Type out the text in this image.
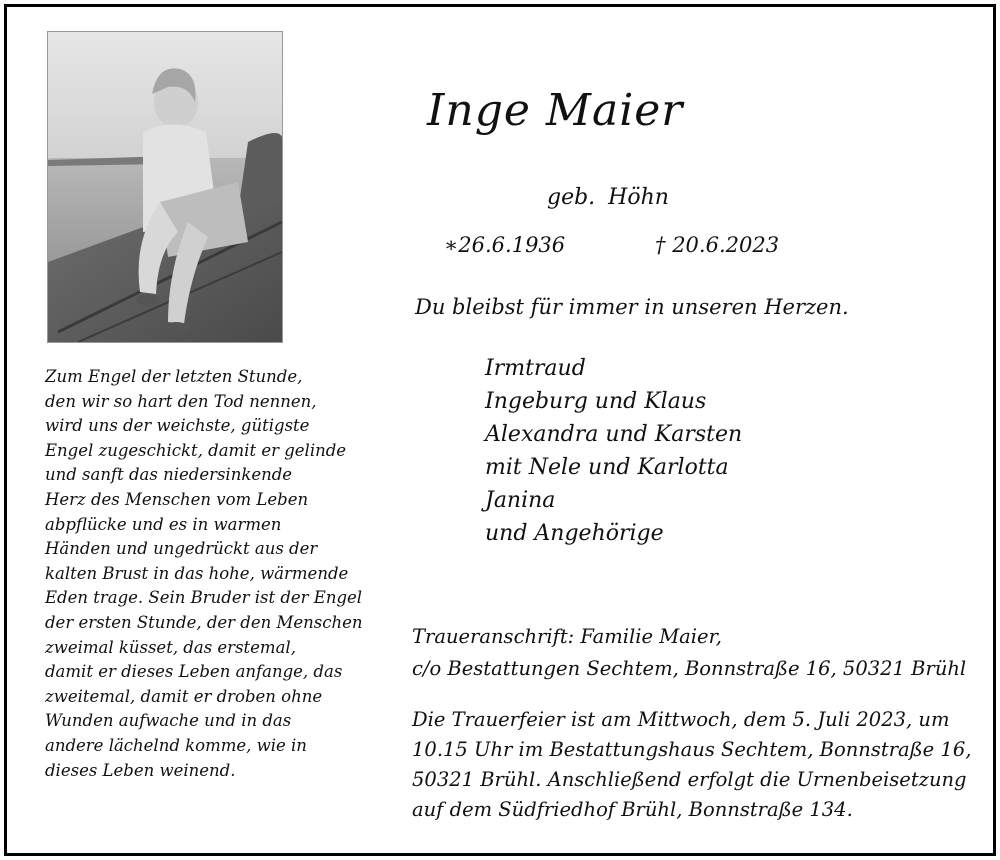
Inge Maier
geb. Höhn
∗26.6.1936	† 20.6.2023
Du bleibst für immer in unseren Herzen.
Irmtraud
Ingeburg und Klaus
Alexandra und Karsten
mit Nele und Karlotta
Janina
und Angehörige
Zum Engel der letzten Stunde,
den wir so hart den Tod nennen,
wird uns der weichste, gütigste
Engel zugeschickt, damit er gelinde
und sanft das niedersinkende
Herz des Menschen vom Leben
abpflücke und es in warmen
Händen und ungedrückt aus der
kalten Brust in das hohe, wärmende
Eden trage. Sein Bruder ist der Engel
der ersten Stunde, der den Menschen
zweimal küsset, das erstemal,
damit er dieses Leben anfange, das
zweitemal, damit er droben ohne
Wunden aufwache und in das
andere lächelnd komme, wie in
dieses Leben weinend.
Traueranschrift: Familie Maier,
c/o Bestattungen Sechtem, Bonnstraße 16, 50321 Brühl
Die Trauerfeier ist am Mittwoch, dem 5. Juli 2023, um
10.15 Uhr im Bestattungshaus Sechtem, Bonnstraße 16,
50321 Brühl. Anschließend erfolgt die Urnenbeisetzung
auf dem Südfriedhof Brühl, Bonnstraße 134.
